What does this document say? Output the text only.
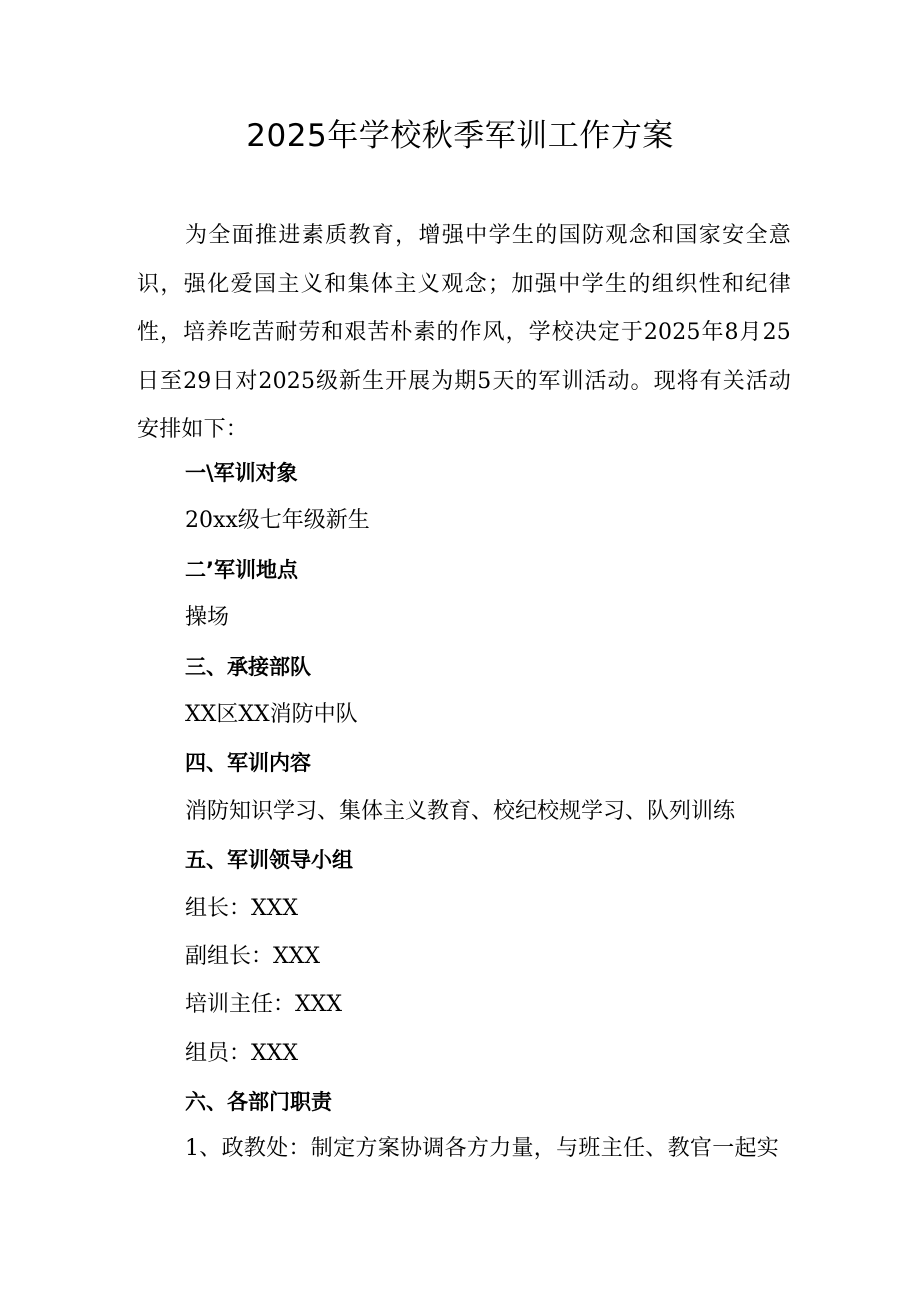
2025年学校秋季军训工作方案

为全面推进素质教育，增强中学生的国防观念和国家安全意识，强化爱国主义和集体主义观念；加强中学生的组织性和纪律性，培养吃苦耐劳和艰苦朴素的作风，学校决定于2025年8月25日至29日对2025级新生开展为期5天的军训活动。现将有关活动安排如下：

一\军训对象
20xx级七年级新生
二’军训地点
操场
三、承接部队
XX区XX消防中队
四、军训内容
消防知识学习、集体主义教育、校纪校规学习、队列训练
五、军训领导小组
组长：XXX
副组长：XXX
培训主任：XXX
组员：XXX
六、各部门职责
1、政教处：制定方案协调各方力量，与班主任、教官一起实
